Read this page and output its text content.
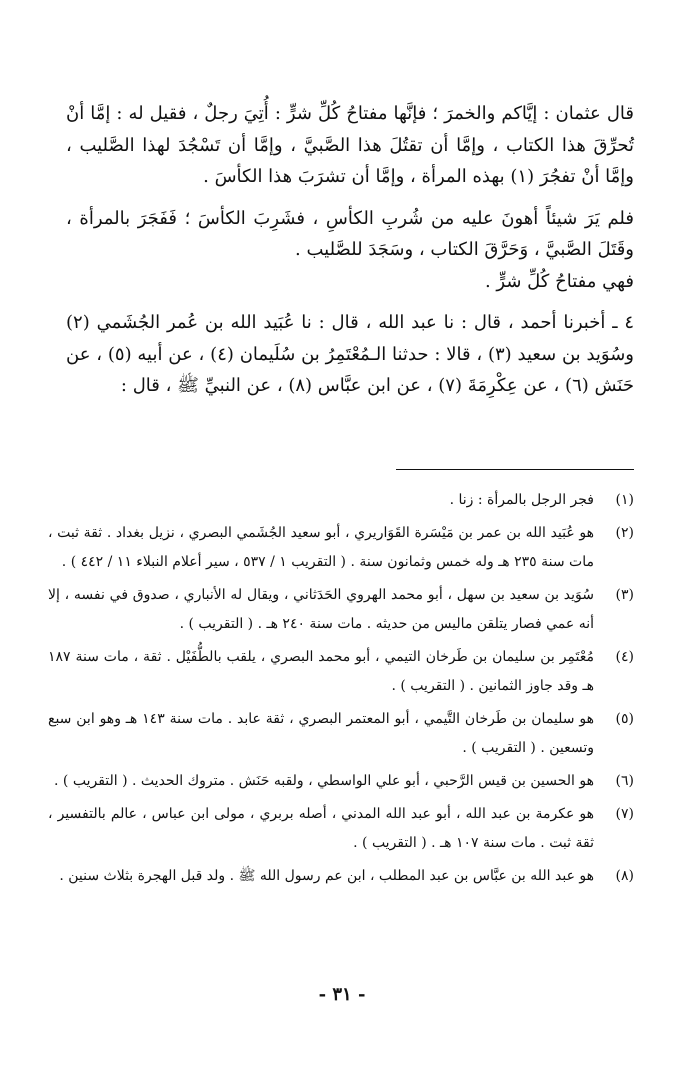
قال عثمان : إيَّاكم والخمرَ ؛ فإنَّها مفتاحُ كُلِّ شرٍّ : أُتِيَ رجلٌ ، فقيل له : إمَّا أنْ تُحرِّقَ هذا الكتاب ، وإمَّا أن تقتُلَ هذا الصَّبيَّ ، وإمَّا أن تَسْجُدَ لهذا الصَّليب ، وإمَّا أنْ تفجُرَ (١) بهذه المرأة ، وإمَّا أن تشرَبَ هذا الكأسَ .

فلم يَرَ شيئاً أهونَ عليه من شُربِ الكأسِ ، فشَرِبَ الكأسَ ؛ فَفَجَرَ بالمرأة ، وقَتَلَ الصَّبيَّ ، وَحَرَّقَ الكتاب ، وسَجَدَ للصَّليب .

فهي مفتاحُ كُلِّ شرٍّ .

٤ ـ أخبرنا أحمد ، قال : نا عبد الله ، قال : نا عُبَيد الله بن عُمر الجُشَمي (٢) وسُوَيد بن سعيد (٣) ، قالا : حدثنا الـمُعْتَمِرُ بن سُلَيمان (٤) ، عن أبيه (٥) ، عن حَنَش (٦) ، عن عِكْرِمَةَ (٧) ، عن ابن عبَّاس (٨) ، عن النبيِّ ﷺ ، قال :

(١)
فجر الرجل بالمرأة : زنا .
(٢)
هو عُبَيد الله بن عمر بن مَيْسَرة القَوَاريري ، أبو سعيد الجُشَمي البصري ، نزيل بغداد . ثقة ثبت ، مات سنة ٢٣٥ هـ وله خمس وثمانون سنة . ( التقريب ١ / ٥٣٧ ، سير أعلام النبلاء ١١ / ٤٤٢ ) .
(٣)
سُوَيد بن سعيد بن سهل ، أبو محمد الهروي الحَدَثاني ، ويقال له الأنباري ، صدوق في نفسه ، إلا أنه عمي فصار يتلقن ماليس من حديثه . مات سنة ٢٤٠ هـ . ( التقريب ) .
(٤)
مُعْتَمِر بن سليمان بن طَرخان التيمي ، أبو محمد البصري ، يلقب بالطُّفَيْل . ثقة ، مات سنة ١٨٧ هـ وقد جاوز الثمانين . ( التقريب ) .
(٥)
هو سليمان بن طَرخان التَّيمي ، أبو المعتمر البصري ، ثقة عابد . مات سنة ١٤٣ هـ وهو ابن سبع وتسعين . ( التقريب ) .
(٦)
هو الحسين بن قيس الرَّحبي ، أبو علي الواسطي ، ولقبه حَنَش . متروك الحديث . ( التقريب ) .
(٧)
هو عكرمة بن عبد الله ، أبو عبد الله المدني ، أصله بربري ، مولى ابن عباس ، عالم بالتفسير ، ثقة ثبت . مات سنة ١٠٧ هـ . ( التقريب ) .
(٨)
هو عبد الله بن عبَّاس بن عبد المطلب ، ابن عم رسول الله ﷺ . ولد قبل الهجرة بثلاث سنين .
- ٣١ -
